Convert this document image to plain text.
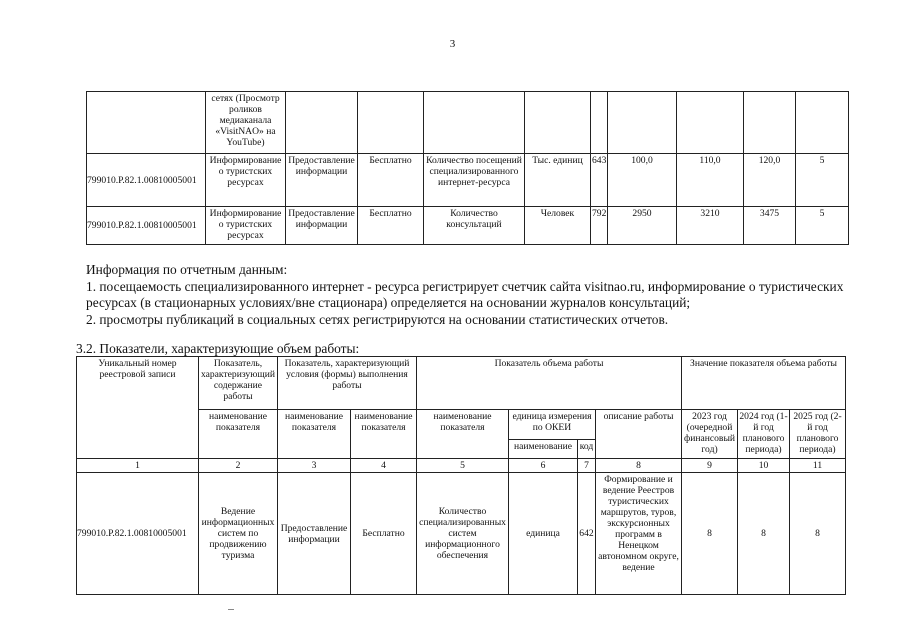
3
	сетях (Просмотр роликов медиаканала «VisitNAO» на YouTube)									
799010.Р.82.1.00810005001	Информирование о туристских ресурсах	Предоставление информации	Бесплатно	Количество посещений специализированного интернет-ресурса	Тыс. единиц	643	100,0	110,0	120,0	5
799010.Р.82.1.00810005001	Информирование о туристских ресурсах	Предоставление информации	Бесплатно	Количество консультаций	Человек	792	2950	3210	3475	5

Информация по отчетным данным:

1. посещаемость специализированного интернет - ресурса регистрирует счетчик сайта visitnao.ru, информирование о туристических ресурсах (в стационарных условиях/вне стационара) определяется на основании журналов консультаций;

2. просмотры публикаций в социальных сетях регистрируются на основании статистических отчетов.

3.2. Показатели, характеризующие объем работы:
Уникальный номер реестровой записи	Показатель, характеризующий содержание работы	Показатель, характеризующий условия (формы) выполнения работы		Показатель объема работы				Значение показателя объема работы		
	наименование показателя	наименование показателя	наименование показателя	наименование показателя	единица измерения по ОКЕИ		описание работы	2023 год (очередной финансовый год)	2024 год (1-й год планового периода)	2025 год (2-й год планового периода)
					наименование	код				
1	2	3	4	5	6	7	8	9	10	11
799010.Р.82.1.00810005001	Ведение информационных систем по продвижению туризма	Предоставление информации	Бесплатно	Количество специализированных систем информационного обеспечения	единица	642	Формирование и ведение Реестров туристических маршрутов, туров, экскурсионных программ в Ненецком автономном округе, ведение	8	8	8
